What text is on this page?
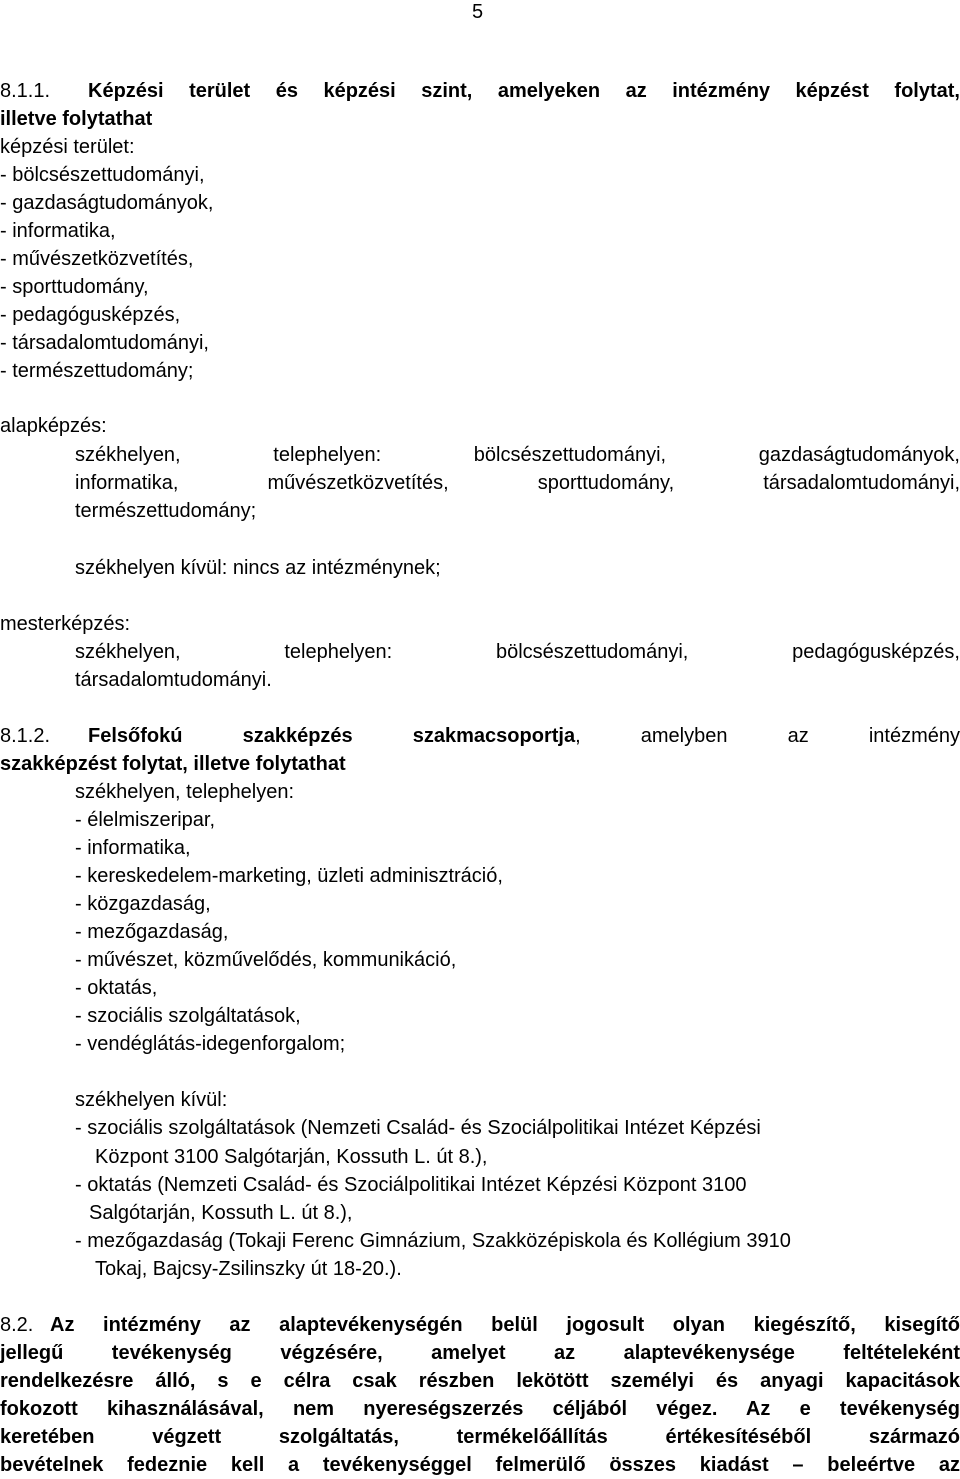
5
8.1.1. Képzési terület és képzési szint, amelyeken az intézmény képzést folytat,
illetve folytathat
képzési terület:
- bölcsészettudományi,
- gazdaságtudományok,
- informatika,
- művészetközvetítés,
- sporttudomány,
- pedagógusképzés,
- társadalomtudományi,
- természettudomány;
alapképzés:
székhelyen, telephelyen: bölcsészettudományi, gazdaságtudományok,
informatika, művészetközvetítés, sporttudomány, társadalomtudományi,
természettudomány;
székhelyen kívül: nincs az intézménynek;
mesterképzés:
székhelyen, telephelyen: bölcsészettudományi, pedagógusképzés,
társadalomtudományi.
8.1.2. Felsőfokú szakképzés szakmacsoportja, amelyben az intézmény
szakképzést folytat, illetve folytathat
székhelyen, telephelyen:
- élelmiszeripar,
- informatika,
- kereskedelem-marketing, üzleti adminisztráció,
- közgazdaság,
- mezőgazdaság,
- művészet, közművelődés, kommunikáció,
- oktatás,
- szociális szolgáltatások,
- vendéglátás-idegenforgalom;
székhelyen kívül:
- szociális szolgáltatások (Nemzeti Család- és Szociálpolitikai Intézet Képzési
Központ 3100 Salgótarján, Kossuth L. út 8.),
- oktatás (Nemzeti Család- és Szociálpolitikai Intézet Képzési Központ 3100
Salgótarján, Kossuth L. út 8.),
- mezőgazdaság (Tokaji Ferenc Gimnázium, Szakközépiskola és Kollégium 3910
Tokaj, Bajcsy-Zsilinszky út 18-20.).
8.2. Az intézmény az alaptevékenységén belül jogosult olyan kiegészítő, kisegítő
jellegű tevékenység végzésére, amelyet az alaptevékenysége feltételeként
rendelkezésre álló, s e célra csak részben lekötött személyi és anyagi kapacitások
fokozott kihasználásával, nem nyereségszerzés céljából végez. Az e tevékenység
keretében végzett szolgáltatás, termékelőállítás értékesítéséből származó
bevételnek fedeznie kell a tevékenységgel felmerülő összes kiadást – beleértve az
